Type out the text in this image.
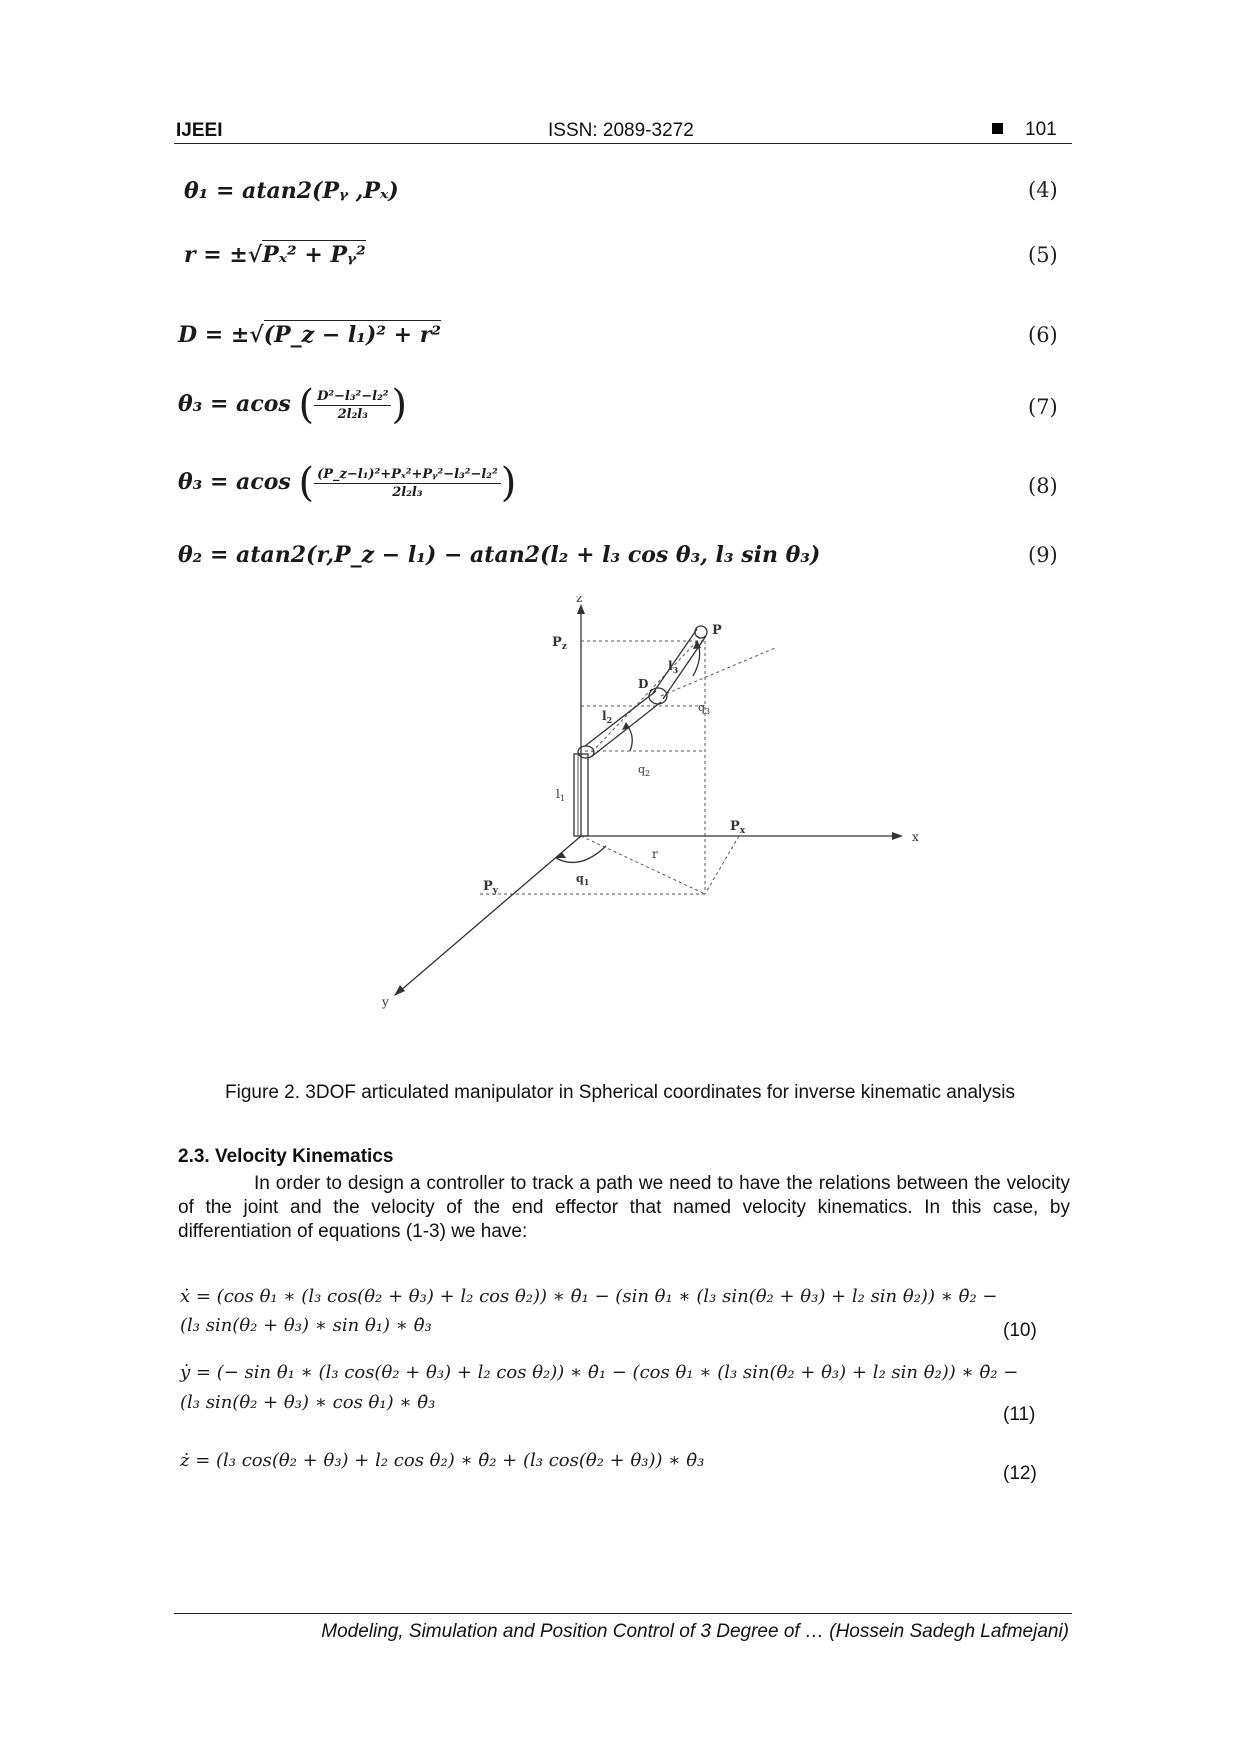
IJEEI	ISSN: 2089-3272	101
θ₁ = atan2(Pᵧ ,Pₓ)	(4)
r = ±√Pₓ² + Pᵧ²	(5)
D = ±√(P_z − l₁)² + r²	(6)
θ₃ = acos ( $\frac{\text{D²−l₃²−l₂²}}{\text{2l₂l₃}}$ )	(7)
θ₃ = acos ( $\frac{\text{(P\_z−l₁)²+Pₓ²+Pᵧ²−l₃²−l₂²}}{\text{2l₂l₃}}$ )	(8)
θ₂ = atan2(r,P_z − l₁) − atan2(l₂ + l₃ cos θ₃, l₃ sin θ₃)	(9)
z
x
y
P
$P_z$
$P_x$
$P_y$
D
r
$l_1$
$l_2$
$l_3$
$q_1$
$q_2$
$q_3$
Figure 2. 3DOF articulated manipulator in Spherical coordinates for inverse kinematic analysis
2.3. Velocity Kinematics
In order to design a controller to track a path we need to have the relations between the velocity of the joint and the velocity of the end effector that named velocity kinematics. In this case, by differentiation of equations (1-3) we have:
ẋ = (cos θ₁ ∗ (l₃ cos(θ₂ + θ₃) + l₂ cos θ₂)) ∗ θ̇₁ − (sin θ₁ ∗ (l₃ sin(θ₂ + θ₃) + l₂ sin θ₂)) ∗ θ̇₂ −
(l₃ sin(θ₂ + θ₃) ∗ sin θ₁) ∗ θ̇₃	(10)
ẏ = (− sin θ₁ ∗ (l₃ cos(θ₂ + θ₃) + l₂ cos θ₂)) ∗ θ̇₁ − (cos θ₁ ∗ (l₃ sin(θ₂ + θ₃) + l₂ sin θ₂)) ∗ θ̇₂ −
(l₃ sin(θ₂ + θ₃) ∗ cos θ₁) ∗ θ̇₃
(11)
ż = (l₃ cos(θ₂ + θ₃) + l₂ cos θ₂) ∗ θ̇₂ + (l₃ cos(θ₂ + θ₃)) ∗ θ̇₃
(12)
Modeling, Simulation and Position Control of 3 Degree of … (Hossein Sadegh Lafmejani)
